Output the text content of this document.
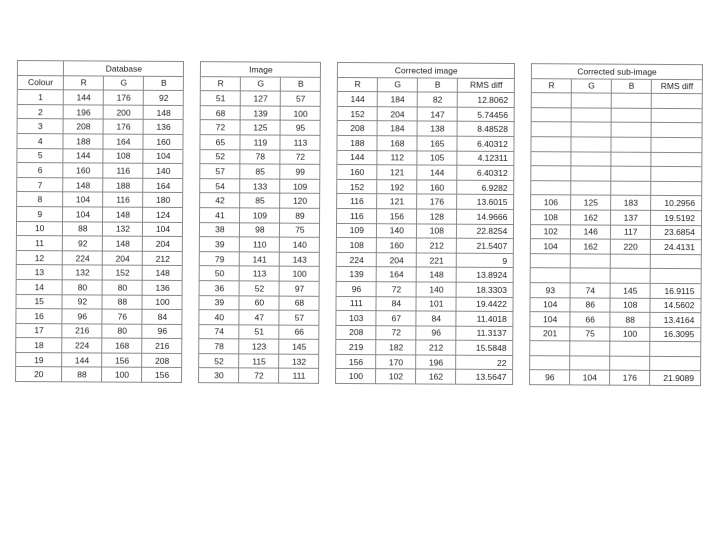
	Database				Image				Corrected image					Corrected sub-image			
Colour	R	G	B		R	G	B		R	G	B	RMS diff		R	G	B	RMS diff
1	144	176	92		51	127	57		144	184	82	12.8062					
2	196	200	148		68	139	100		152	204	147	5.74456					
3	208	176	136		72	125	95		208	184	138	8.48528					
4	188	164	160		65	119	113		188	168	165	6.40312					
5	144	108	104		52	78	72		144	112	105	4.12311					
6	160	116	140		57	85	99		160	121	144	6.40312					
7	148	188	164		54	133	109		152	192	160	6.9282					
8	104	116	180		42	85	120		116	121	176	13.6015		106	125	183	10.2956
9	104	148	124		41	109	89		116	156	128	14.9666		108	162	137	19.5192
10	88	132	104		38	98	75		109	140	108	22.8254		102	146	117	23.6854
11	92	148	204		39	110	140		108	160	212	21.5407		104	162	220	24.4131
12	224	204	212		79	141	143		224	204	221	9					
13	132	152	148		50	113	100		139	164	148	13.8924					
14	80	80	136		36	52	97		96	72	140	18.3303		93	74	145	16.9115
15	92	88	100		39	60	68		111	84	101	19.4422		104	86	108	14.5602
16	96	76	84		40	47	57		103	67	84	11.4018		104	66	88	13.4164
17	216	80	96		74	51	66		208	72	96	11.3137		201	75	100	16.3095
18	224	168	216		78	123	145		219	182	212	15.5848					
19	144	156	208		52	115	132		156	170	196	22					
20	88	100	156		30	72	111		100	102	162	13.5647		96	104	176	21.9089
